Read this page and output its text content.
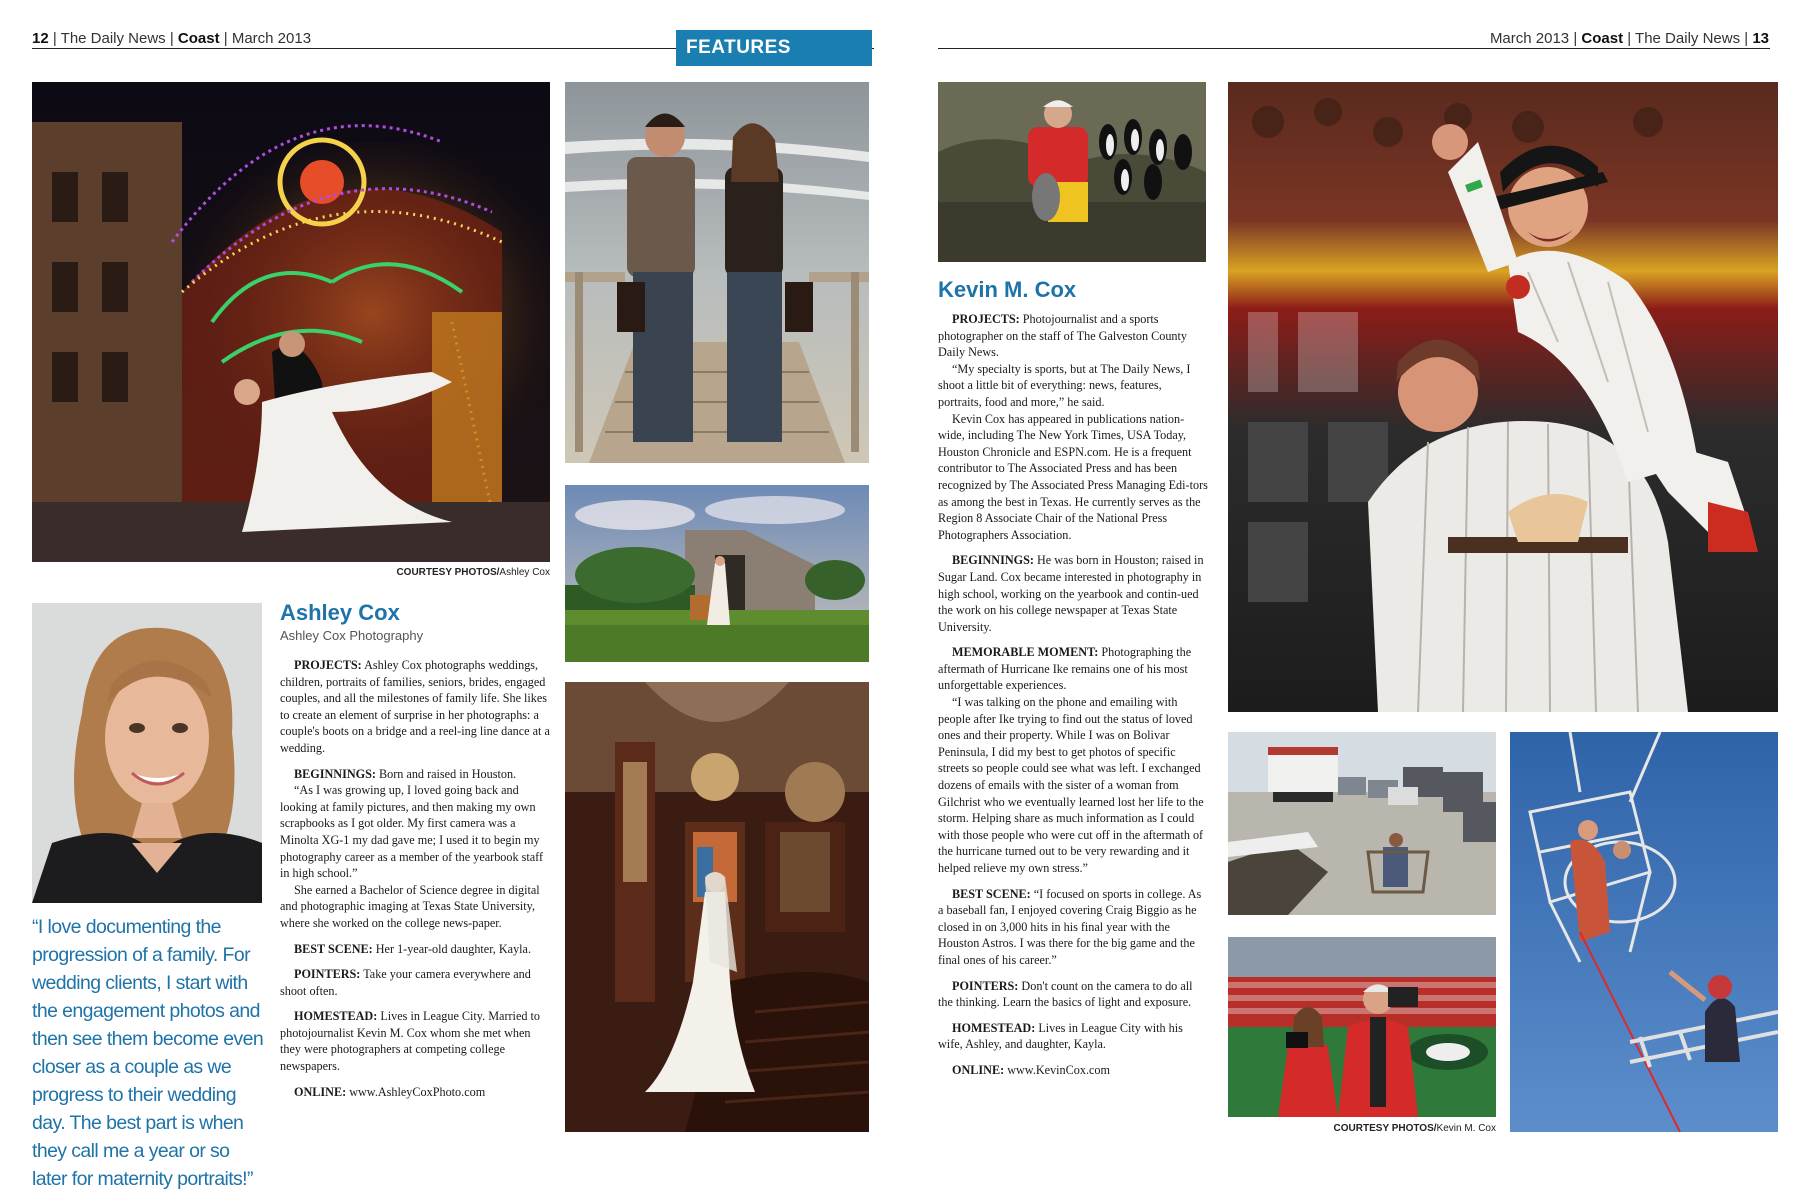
12 | The Daily News | Coast | March 2013	FEATURES	March 2013 | Coast | The Daily News | 13
COURTESY PHOTOS/Ashley Cox
“I love documenting the progression of a family. For wedding clients, I start with the engagement photos and then see them become even closer as a couple as we progress to their wedding day. The best part is when they call me a year or so later for maternity portraits!”
Ashley Cox
Ashley Cox Photography

PROJECTS: Ashley Cox photographs weddings, children, portraits of families, seniors, brides, engaged couples, and all the milestones of family life. She likes to create an element of surprise in her photographs: a couple's boots on a bridge and a reel-ing line dance at a wedding.

BEGINNINGS: Born and raised in Houston.

“As I was growing up, I loved going back and looking at family pictures, and then making my own scrapbooks as I got older. My first camera was a Minolta XG-1 my dad gave me; I used it to begin my photography career as a member of the yearbook staff in high school.”

She earned a Bachelor of Science degree in digital and photographic imaging at Texas State University, where she worked on the college news-paper.

BEST SCENE: Her 1-year-old daughter, Kayla.

POINTERS: Take your camera everywhere and shoot often.

HOMESTEAD: Lives in League City. Married to photojournalist Kevin M. Cox whom she met when they were photographers at competing college newspapers.

ONLINE: www.AshleyCoxPhoto.com

Kevin M. Cox

PROJECTS: Photojournalist and a sports photographer on the staff of The Galveston County Daily News.

“My specialty is sports, but at The Daily News, I shoot a little bit of everything: news, features, portraits, food and more,” he said.

Kevin Cox has appeared in publications nation-wide, including The New York Times, USA Today, Houston Chronicle and ESPN.com. He is a frequent contributor to The Associated Press and has been recognized by The Associated Press Managing Edi-tors as among the best in Texas. He currently serves as the Region 8 Associate Chair of the National Press Photographers Association.

BEGINNINGS: He was born in Houston; raised in Sugar Land. Cox became interested in photography in high school, working on the yearbook and contin-ued the work on his college newspaper at Texas State University.

MEMORABLE MOMENT: Photographing the aftermath of Hurricane Ike remains one of his most unforgettable experiences.

“I was talking on the phone and emailing with people after Ike trying to find out the status of loved ones and their property. While I was on Bolivar Peninsula, I did my best to get photos of specific streets so people could see what was left. I exchanged dozens of emails with the sister of a woman from Gilchrist who we eventually learned lost her life to the storm. Helping share as much information as I could with those people who were cut off in the aftermath of the hurricane turned out to be very rewarding and it helped relieve my own stress.”

BEST SCENE: “I focused on sports in college. As a baseball fan, I enjoyed covering Craig Biggio as he closed in on 3,000 hits in his final year with the Houston Astros. I was there for the big game and the final ones of his career.”

POINTERS: Don't count on the camera to do all the thinking. Learn the basics of light and exposure.

HOMESTEAD: Lives in League City with his wife, Ashley, and daughter, Kayla.

ONLINE: www.KevinCox.com

COURTESY PHOTOS/Kevin M. Cox
